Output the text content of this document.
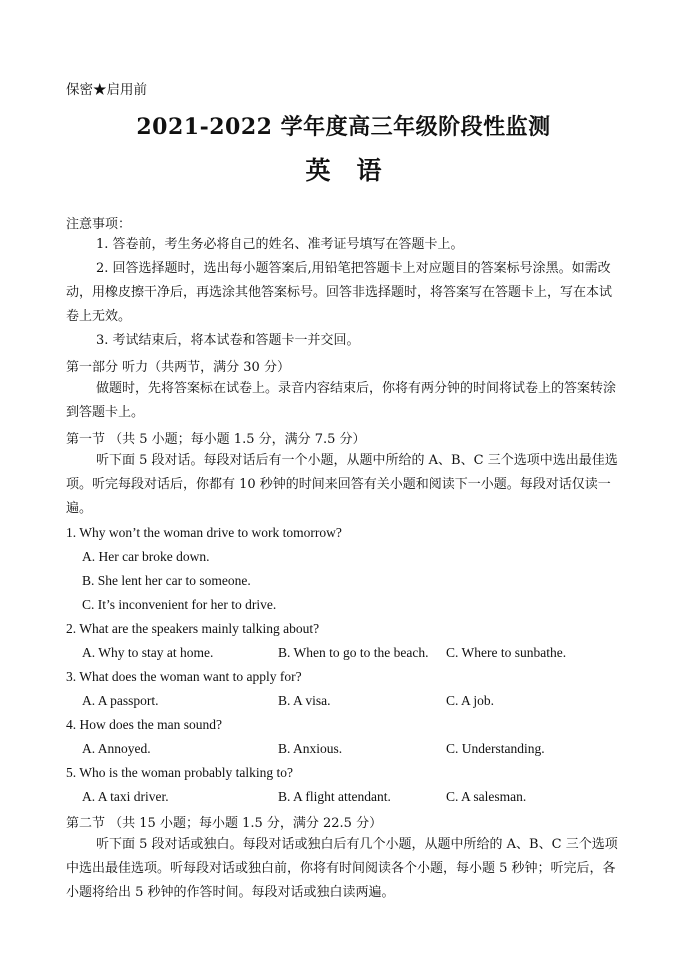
保密★启用前
2021-2022 学年度高三年级阶段性监测
英语
注意事项：
1. 答卷前，考生务必将自己的姓名、准考证号填写在答题卡上。
2. 回答选择题时，选出每小题答案后,用铅笔把答题卡上对应题目的答案标号涂黑。如需改动，用橡皮擦干净后，再选涂其他答案标号。回答非选择题时，将答案写在答题卡上，写在本试卷上无效。
3. 考试结束后，将本试卷和答题卡一并交回。
第一部分 听力（共两节，满分 30 分）
做题时，先将答案标在试卷上。录音内容结束后，你将有两分钟的时间将试卷上的答案转涂到答题卡上。
第一节 （共 5 小题；每小题 1.5 分，满分 7.5 分）
听下面 5 段对话。每段对话后有一个小题，从题中所给的 A、B、C 三个选项中选出最佳选项。听完每段对话后，你都有 10 秒钟的时间来回答有关小题和阅读下一小题。每段对话仅读一遍。
1. Why won’t the woman drive to work tomorrow?
A. Her car broke down.
B. She lent her car to someone.
C. It’s inconvenient for her to drive.
2. What are the speakers mainly talking about?
A. Why to stay at home.	B. When to go to the beach. C. Where to sunbathe.
3. What does the woman want to apply for?
A. A passport.	B. A visa.	C. A job.
4. How does the man sound?
A. Annoyed.	B. Anxious.	C. Understanding.
5. Who is the woman probably talking to?
A. A taxi driver.	B. A flight attendant.	C. A salesman.
第二节 （共 15 小题；每小题 1.5 分，满分 22.5 分）
听下面 5 段对话或独白。每段对话或独白后有几个小题，从题中所给的 A、B、C 三个选项中选出最佳选项。听每段对话或独白前，你将有时间阅读各个小题，每小题 5 秒钟；听完后，各小题将给出 5 秒钟的作答时间。每段对话或独白读两遍。
